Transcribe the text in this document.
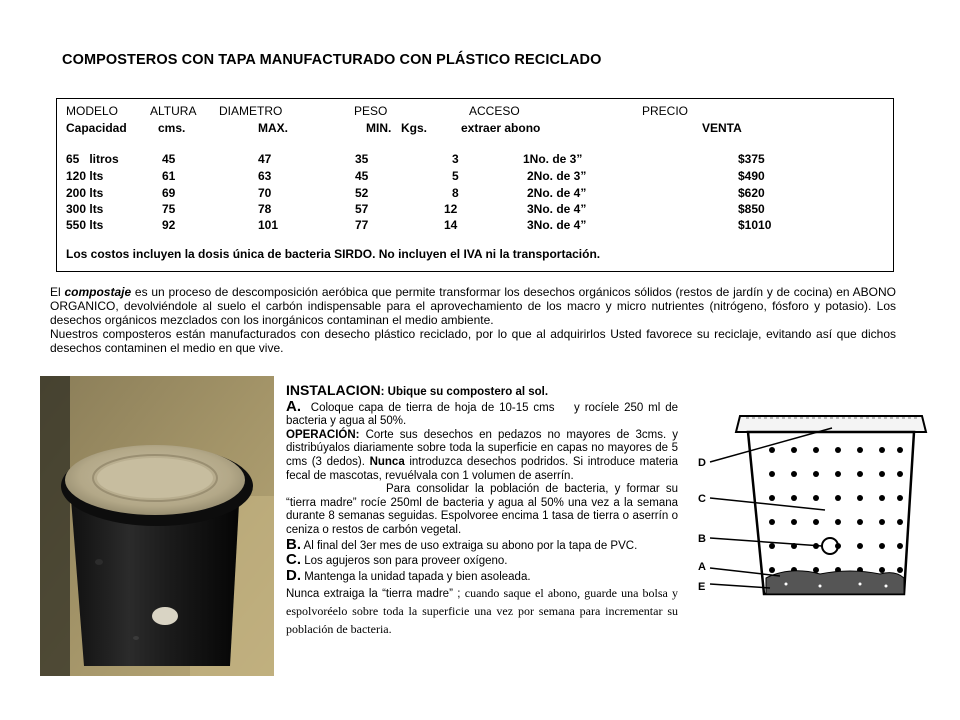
COMPOSTEROS CON TAPA MANUFACTURADO CON PLÁSTICO RECICLADO
MODELO	ALTURA DIAMETRO	PESO	ACCESO	PRECIO
Capacidad	cms.	MAX.	MIN. Kgs.	extraer abono	VENTA
65   litros	45	47	35	3	1No. de 3”	$375
120 lts	61	63	45	5	2No. de 3”	$490
200 lts	69	70	52	8	2No. de 4”	$620
300 lts	75	78	57	12	3No. de 4”	$850
550 lts	92	101	77	14	3No. de 4”	$1010
Los costos incluyen la dosis única de bacteria SIRDO. No incluyen el IVA ni la transportación.

El compostaje es un proceso de descomposición aeróbica que permite transformar los desechos orgánicos sólidos (restos de jardín y de cocina) en ABONO ORGANICO, devolviéndole al suelo el carbón indispensable para el aprovechamiento de los macro y micro nutrientes (nitrógeno, fósforo y potasio). Los desechos orgánicos mezclados con los inorgánicos contaminan el medio ambiente.

Nuestros composteros están manufacturados con desecho plástico reciclado, por lo que al adquirirlos Usted favorece su reciclaje, evitando así que dichos desechos contaminen el medio en que vive.

INSTALACION: Ubique su compostero al sol.

A.  Coloque capa de tierra de hoja de 10-15 cms    y rocíele 250 ml de bacteria y agua al 50%.

OPERACIÓN: Corte sus desechos en pedazos no mayores de 3cms. y distribúyalos diariamente sobre toda la superficie en capas no mayores de 5 cms (3 dedos). Nunca introduzca desechos podridos. Si introduce materia fecal de mascotas, revuélvala con 1 volumen de aserrín.

Para consolidar la población de bacteria, y formar su “tierra madre” rocíe 250ml de bacteria y agua al 50% una vez a la semana durante 8 semanas seguidas. Espolvoree encima 1 tasa de tierra o aserrín o ceniza o restos de carbón vegetal.

B. Al final del 3er mes de uso extraiga su abono por la tapa de PVC.

C. Los agujeros son para proveer oxígeno.

D. Mantenga la unidad tapada y bien asoleada.

Nunca extraiga la “tierra madre” ; cuando saque el abono, guarde una bolsa y espolvoréelo sobre toda la superficie una vez por semana para incrementar su población de bacteria.

D
C
B
A
E
